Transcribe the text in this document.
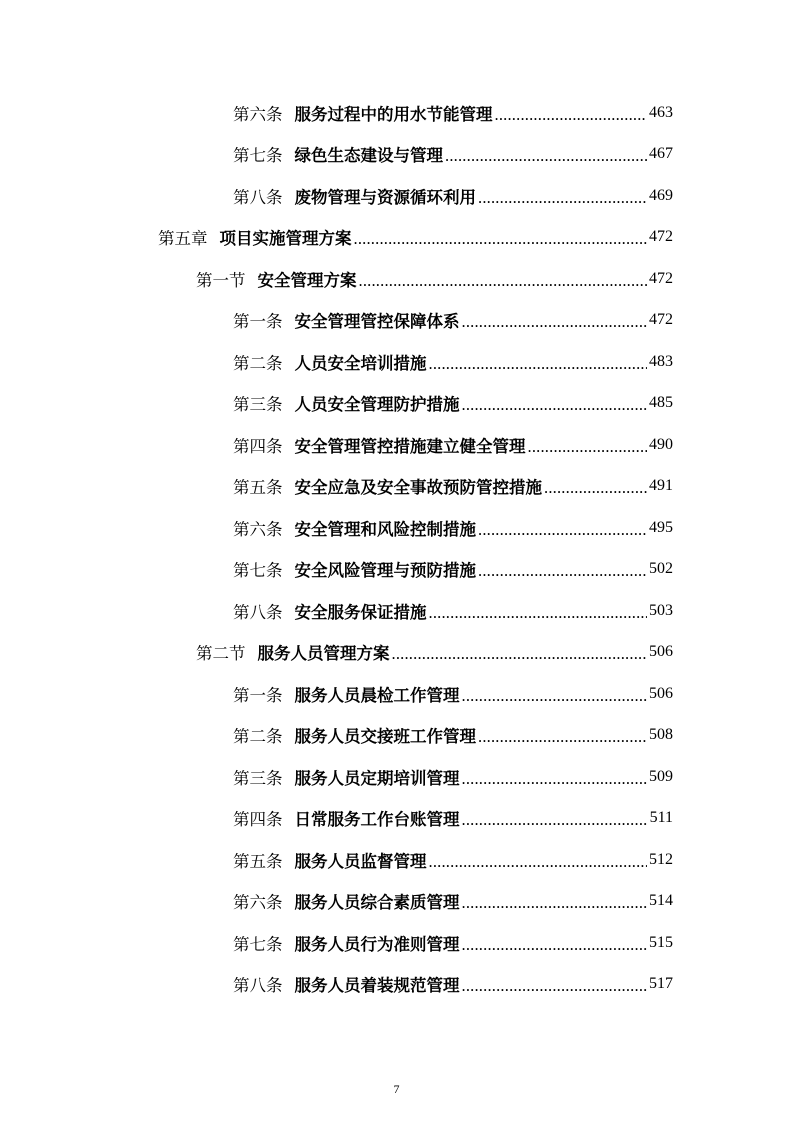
第六条 服务过程中的用水节能管理 .....	463
第七条 绿色生态建设与管理 .....	467
第八条 废物管理与资源循环利用 .....	469
第五章 项目实施管理方案 .....	472
第一节 安全管理方案 .....	472
第一条 安全管理管控保障体系 .....	472
第二条 人员安全培训措施 .....	483
第三条 人员安全管理防护措施 .....	485
第四条 安全管理管控措施建立健全管理 .....	490
第五条 安全应急及安全事故预防管控措施 .....	491
第六条 安全管理和风险控制措施 .....	495
第七条 安全风险管理与预防措施 .....	502
第八条 安全服务保证措施 .....	503
第二节 服务人员管理方案 .....	506
第一条 服务人员晨检工作管理 .....	506
第二条 服务人员交接班工作管理 .....	508
第三条 服务人员定期培训管理 .....	509
第四条 日常服务工作台账管理 .....	511
第五条 服务人员监督管理 .....	512
第六条 服务人员综合素质管理 .....	514
第七条 服务人员行为准则管理 .....	515
第八条 服务人员着装规范管理 .....	517
7
